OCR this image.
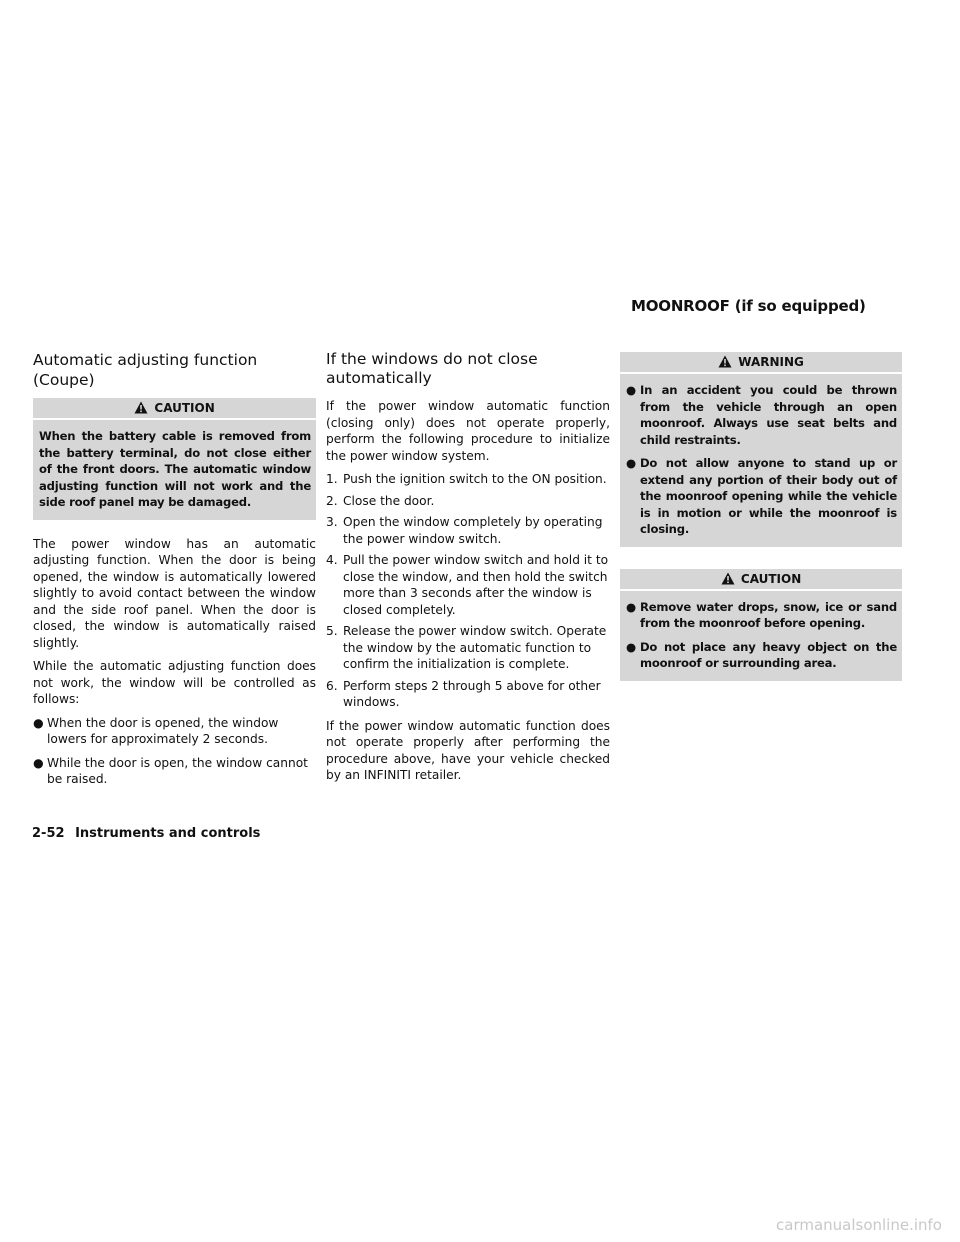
MOONROOF (if so equipped)
Automatic adjusting function (Coupe)
CAUTION
When the battery cable is removed from the battery terminal, do not close either of the front doors. The automatic window adjusting function will not work and the side roof panel may be damaged.

The power window has an automatic adjusting function. When the door is being opened, the window is automatically lowered slightly to avoid contact between the window and the side roof panel. When the door is closed, the window is automatically raised slightly.

While the automatic adjusting function does not work, the window will be controlled as follows:

● When the door is opened, the window lowers for approximately 2 seconds.
● While the door is open, the window cannot be raised.
If the windows do not close automatically

If the power window automatic function (closing only) does not operate properly, perform the following procedure to initialize the power window system.

1. Push the ignition switch to the ON position.
2. Close the door.
3. Open the window completely by operating the power window switch.
4. Pull the power window switch and hold it to close the window, and then hold the switch more than 3 seconds after the window is closed completely.
5. Release the power window switch. Operate the window by the automatic function to confirm the initialization is complete.
6. Perform steps 2 through 5 above for other windows.

If the power window automatic function does not operate properly after performing the procedure above, have your vehicle checked by an INFINITI retailer.

WARNING
● In an accident you could be thrown from the vehicle through an open moonroof. Always use seat belts and child restraints.
● Do not allow anyone to stand up or extend any portion of their body out of the moonroof opening while the vehicle is in motion or while the moonroof is closing.
CAUTION
● Remove water drops, snow, ice or sand from the moonroof before opening.
● Do not place any heavy object on the moonroof or surrounding area.
2-52 Instruments and controls
carmanualsonline.info
